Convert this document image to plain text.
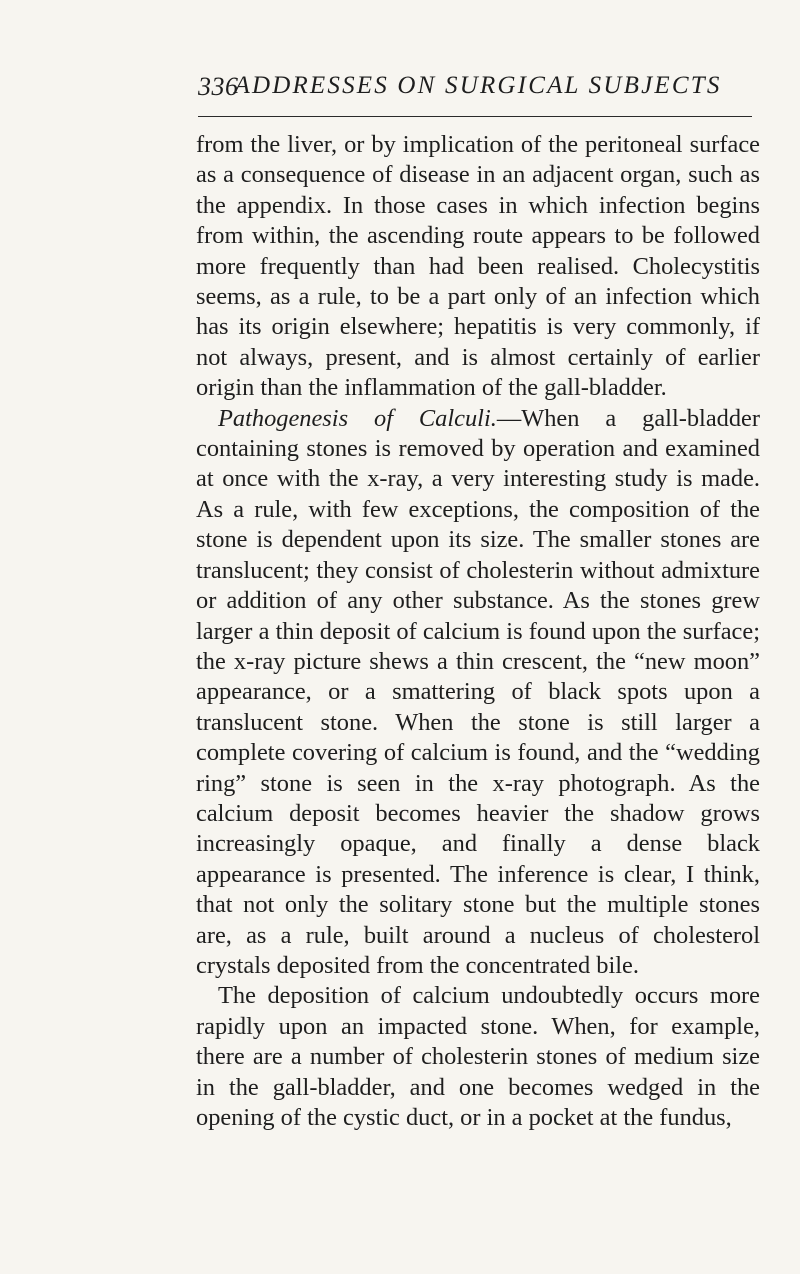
336
ADDRESSES ON SURGICAL SUBJECTS

from the liver, or by implication of the peritoneal surface as a consequence of disease in an adjacent organ, such as the appendix. In those cases in which infection begins from within, the ascending route appears to be followed more frequently than had been realised. Cholecystitis seems, as a rule, to be a part only of an infection which has its origin elsewhere; hepatitis is very commonly, if not always, present, and is almost certainly of earlier origin than the inflammation of the gall-bladder.

Pathogenesis of Calculi.—When a gall-bladder containing stones is removed by operation and examined at once with the x-ray, a very interesting study is made. As a rule, with few exceptions, the composition of the stone is dependent upon its size. The smaller stones are translucent; they consist of cholesterin without admixture or addition of any other substance. As the stones grew larger a thin deposit of calcium is found upon the surface; the x-ray picture shews a thin crescent, the “new moon” appearance, or a smattering of black spots upon a translucent stone. When the stone is still larger a complete covering of calcium is found, and the “wedding ring” stone is seen in the x-ray photograph. As the calcium deposit becomes heavier the shadow grows increasingly opaque, and finally a dense black appearance is presented. The inference is clear, I think, that not only the solitary stone but the multiple stones are, as a rule, built around a nucleus of cholesterol crystals deposited from the concentrated bile.

The deposition of calcium undoubtedly occurs more rapidly upon an impacted stone. When, for example, there are a number of cholesterin stones of medium size in the gall-bladder, and one becomes wedged in the opening of the cystic duct, or in a pocket at the fundus,
